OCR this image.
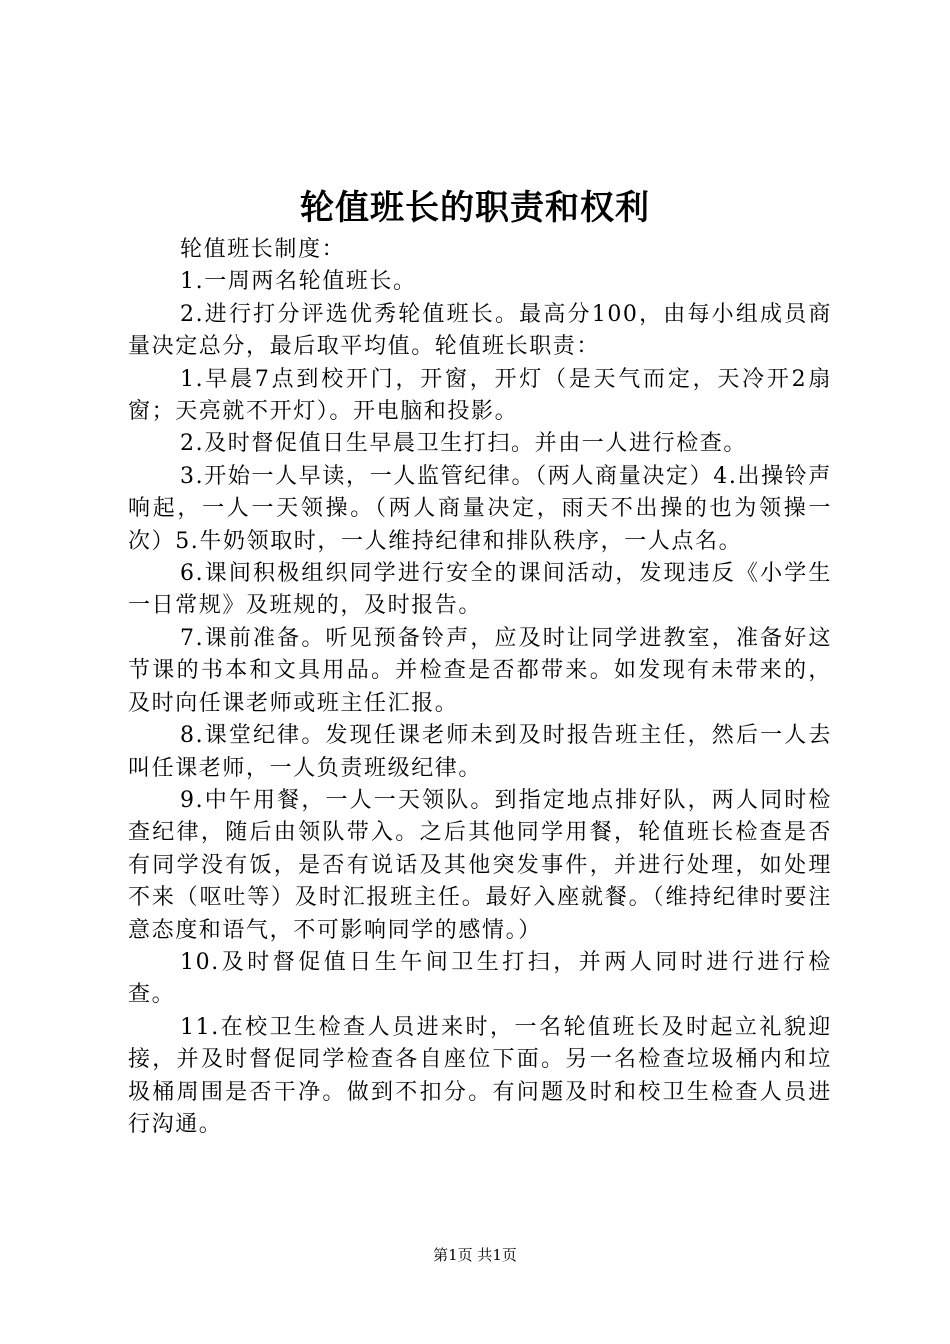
轮值班长的职责和权利

轮值班长制度：

1.一周两名轮值班长。

2.进行打分评选优秀轮值班长。最高分100，由每小组成员商量决定总分，最后取平均值。轮值班长职责：

1.早晨7点到校开门，开窗，开灯（是天气而定，天冷开2扇窗；天亮就不开灯）。开电脑和投影。

2.及时督促值日生早晨卫生打扫。并由一人进行检查。

3.开始一人早读，一人监管纪律。（两人商量决定）4.出操铃声响起，一人一天领操。（两人商量决定，雨天不出操的也为领操一次）5.牛奶领取时，一人维持纪律和排队秩序，一人点名。

6.课间积极组织同学进行安全的课间活动，发现违反《小学生一日常规》及班规的，及时报告。

7.课前准备。听见预备铃声，应及时让同学进教室，准备好这节课的书本和文具用品。并检查是否都带来。如发现有未带来的，及时向任课老师或班主任汇报。

8.课堂纪律。发现任课老师未到及时报告班主任，然后一人去叫任课老师，一人负责班级纪律。

9.中午用餐，一人一天领队。到指定地点排好队，两人同时检查纪律，随后由领队带入。之后其他同学用餐，轮值班长检查是否有同学没有饭，是否有说话及其他突发事件，并进行处理，如处理不来（呕吐等）及时汇报班主任。最好入座就餐。（维持纪律时要注意态度和语气，不可影响同学的感情。）

10.及时督促值日生午间卫生打扫，并两人同时进行进行检查。

11.在校卫生检查人员进来时，一名轮值班长及时起立礼貌迎接，并及时督促同学检查各自座位下面。另一名检查垃圾桶内和垃圾桶周围是否干净。做到不扣分。有问题及时和校卫生检查人员进行沟通。

第1页 共1页
